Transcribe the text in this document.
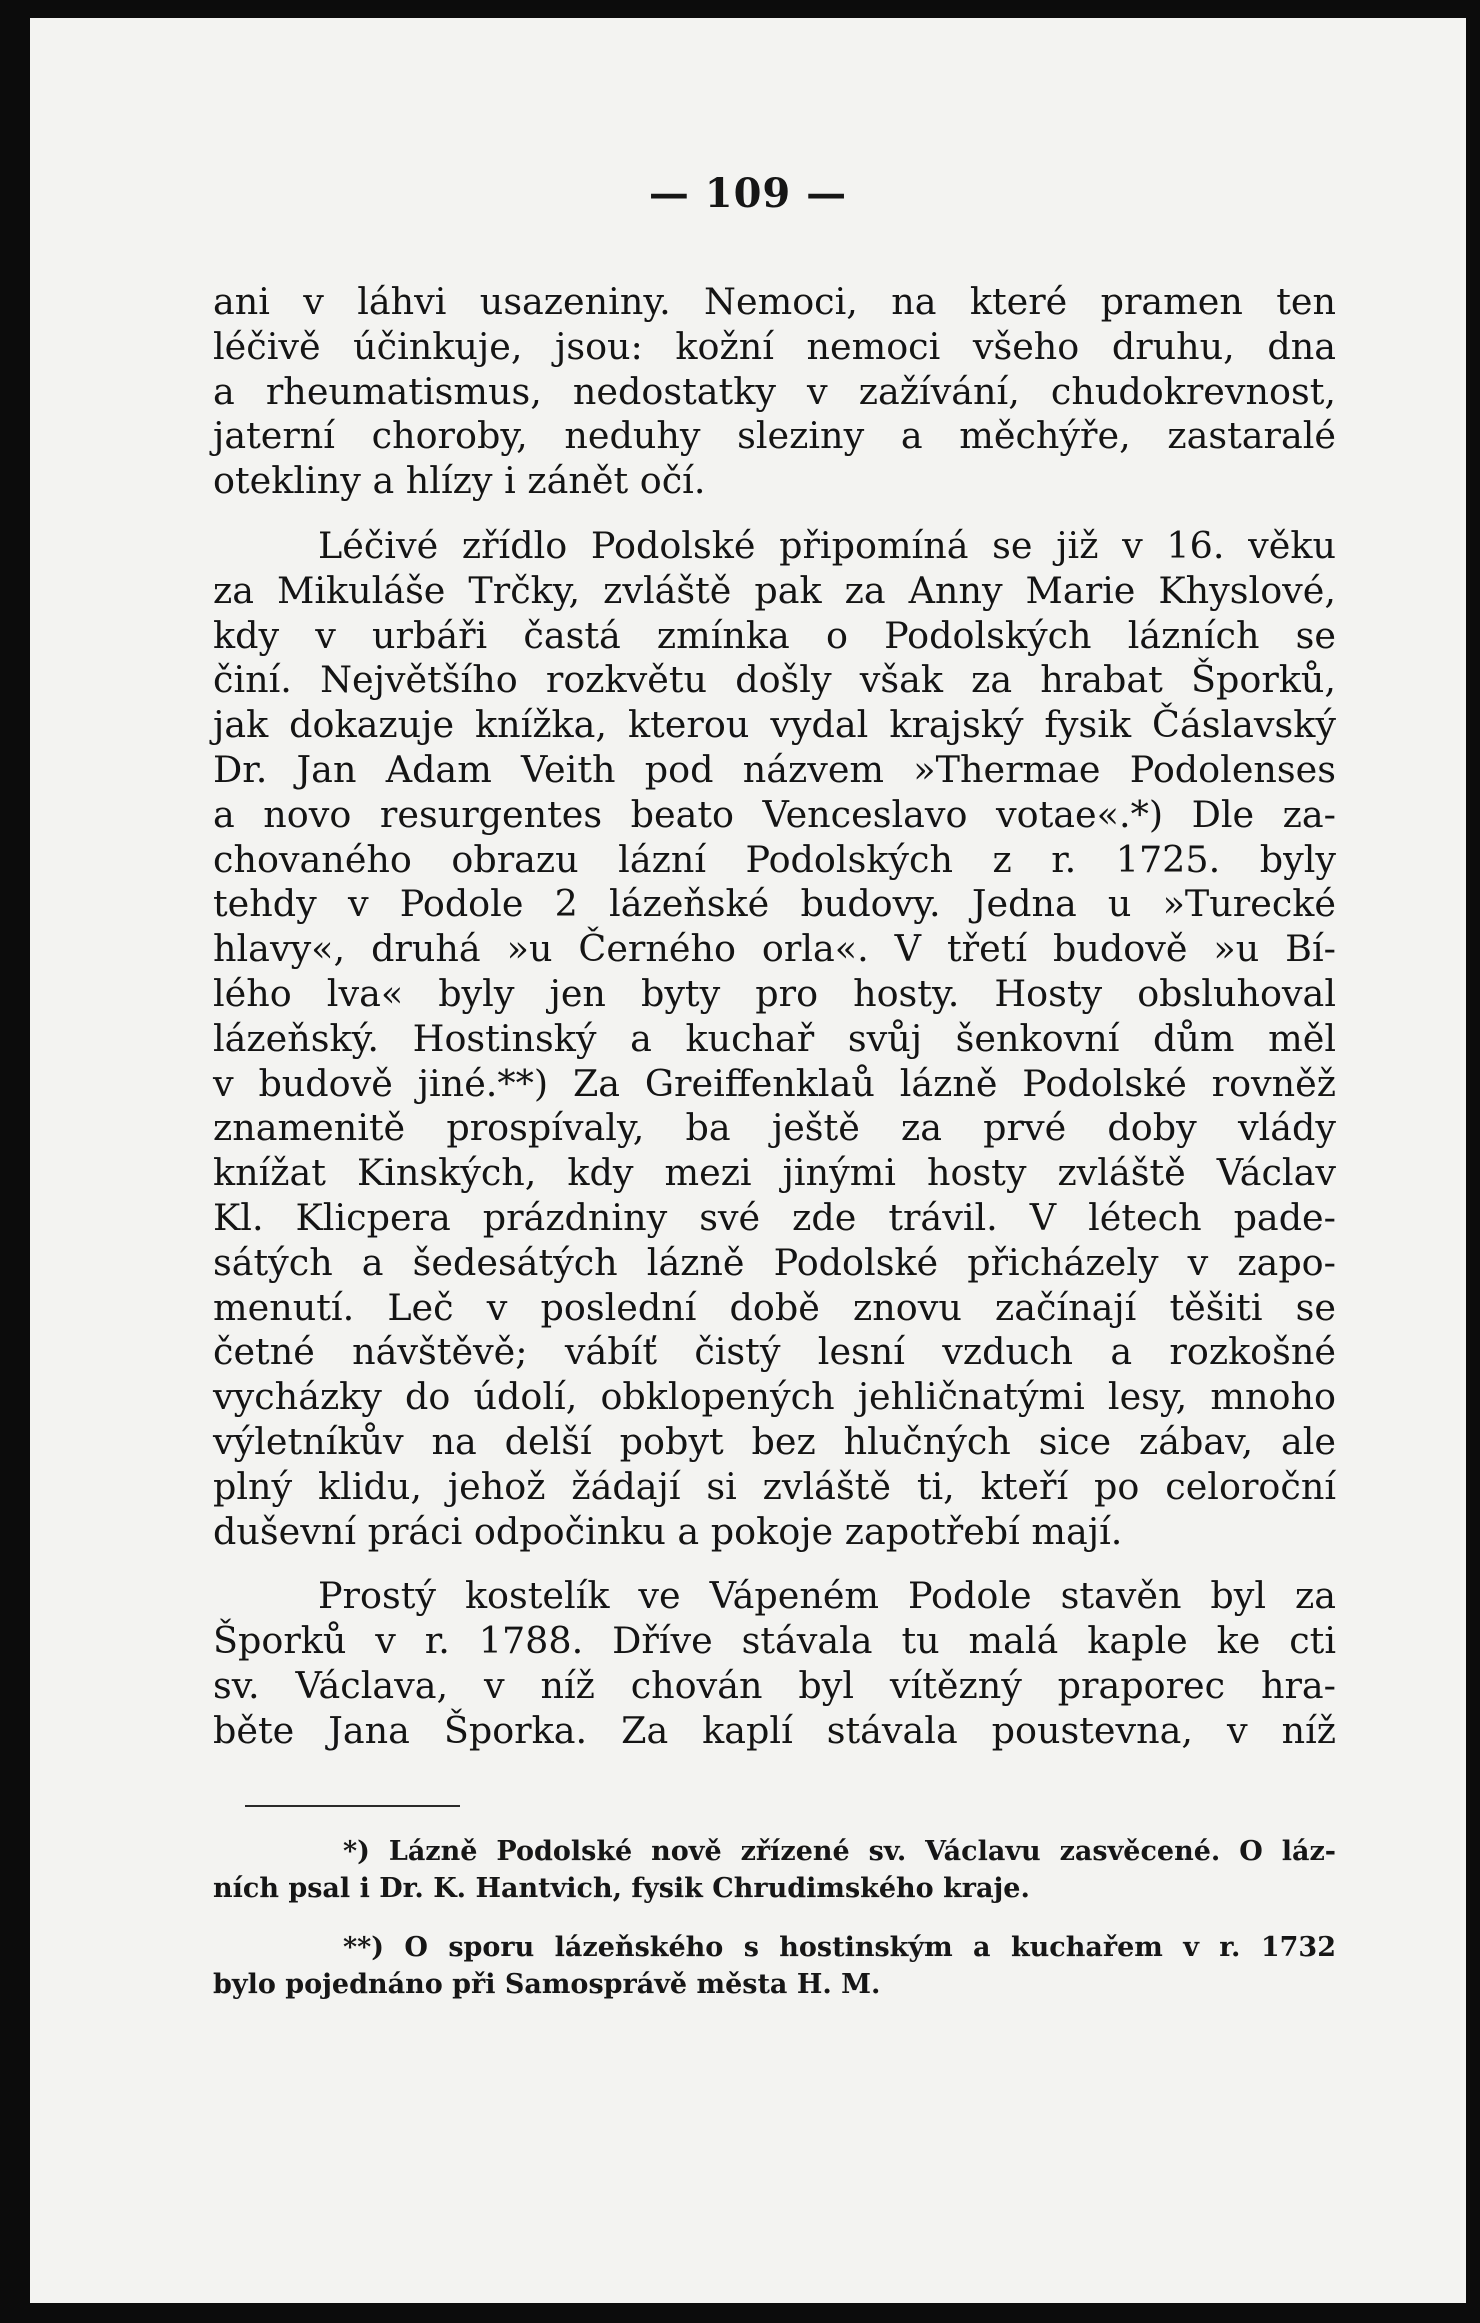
— 109 —

ani v láhvi usazeniny. Nemoci, na které pramen ten
léčivě účinkuje, jsou: kožní nemoci všeho druhu, dna
a rheumatismus, nedostatky v zažívání, chudokrevnost,
jaterní choroby, neduhy sleziny a měchýře, zastaralé
otekliny a hlízy i zánět očí.

Léčivé zřídlo Podolské připomíná se již v 16. věku
za Mikuláše Trčky, zvláště pak za Anny Marie Khyslové,
kdy v urbáři častá zmínka o Podolských lázních se
činí. Největšího rozkvětu došly však za hrabat Šporků,
jak dokazuje knížka, kterou vydal krajský fysik Čáslavský
Dr. Jan Adam Veith pod názvem »Thermae Podolenses
a novo resurgentes beato Venceslavo votae«.*) Dle za-
chovaného obrazu lázní Podolských z r. 1725. byly
tehdy v Podole 2 lázeňské budovy. Jedna u »Turecké
hlavy«, druhá »u Černého orla«. V třetí budově »u Bí-
lého lva« byly jen byty pro hosty. Hosty obsluhoval
lázeňský. Hostinský a kuchař svůj šenkovní dům měl
v budově jiné.**) Za Greiffenklaů lázně Podolské rovněž
znamenitě prospívaly, ba ještě za prvé doby vlády
knížat Kinských, kdy mezi jinými hosty zvláště Václav
Kl. Klicpera prázdniny své zde trávil. V létech pade-
sátých a šedesátých lázně Podolské přicházely v zapo-
menutí. Leč v poslední době znovu začínají těšiti se
četné návštěvě; vábíť čistý lesní vzduch a rozkošné
vycházky do údolí, obklopených jehličnatými lesy, mnoho
výletníkův na delší pobyt bez hlučných sice zábav, ale
plný klidu, jehož žádají si zvláště ti, kteří po celoroční
duševní práci odpočinku a pokoje zapotřebí mají.

Prostý kostelík ve Vápeném Podole stavěn byl za
Šporků v r. 1788. Dříve stávala tu malá kaple ke cti
sv. Václava, v níž chován byl vítězný praporec hra-
běte Jana Šporka. Za kaplí stávala poustevna, v níž

*) Lázně Podolské nově zřízené sv. Václavu zasvěcené. O láz-
ních psal i Dr. K. Hantvich, fysik Chrudimského kraje.

**) O sporu lázeňského s hostinským a kuchařem v r. 1732
bylo pojednáno při Samosprávě města H. M.
